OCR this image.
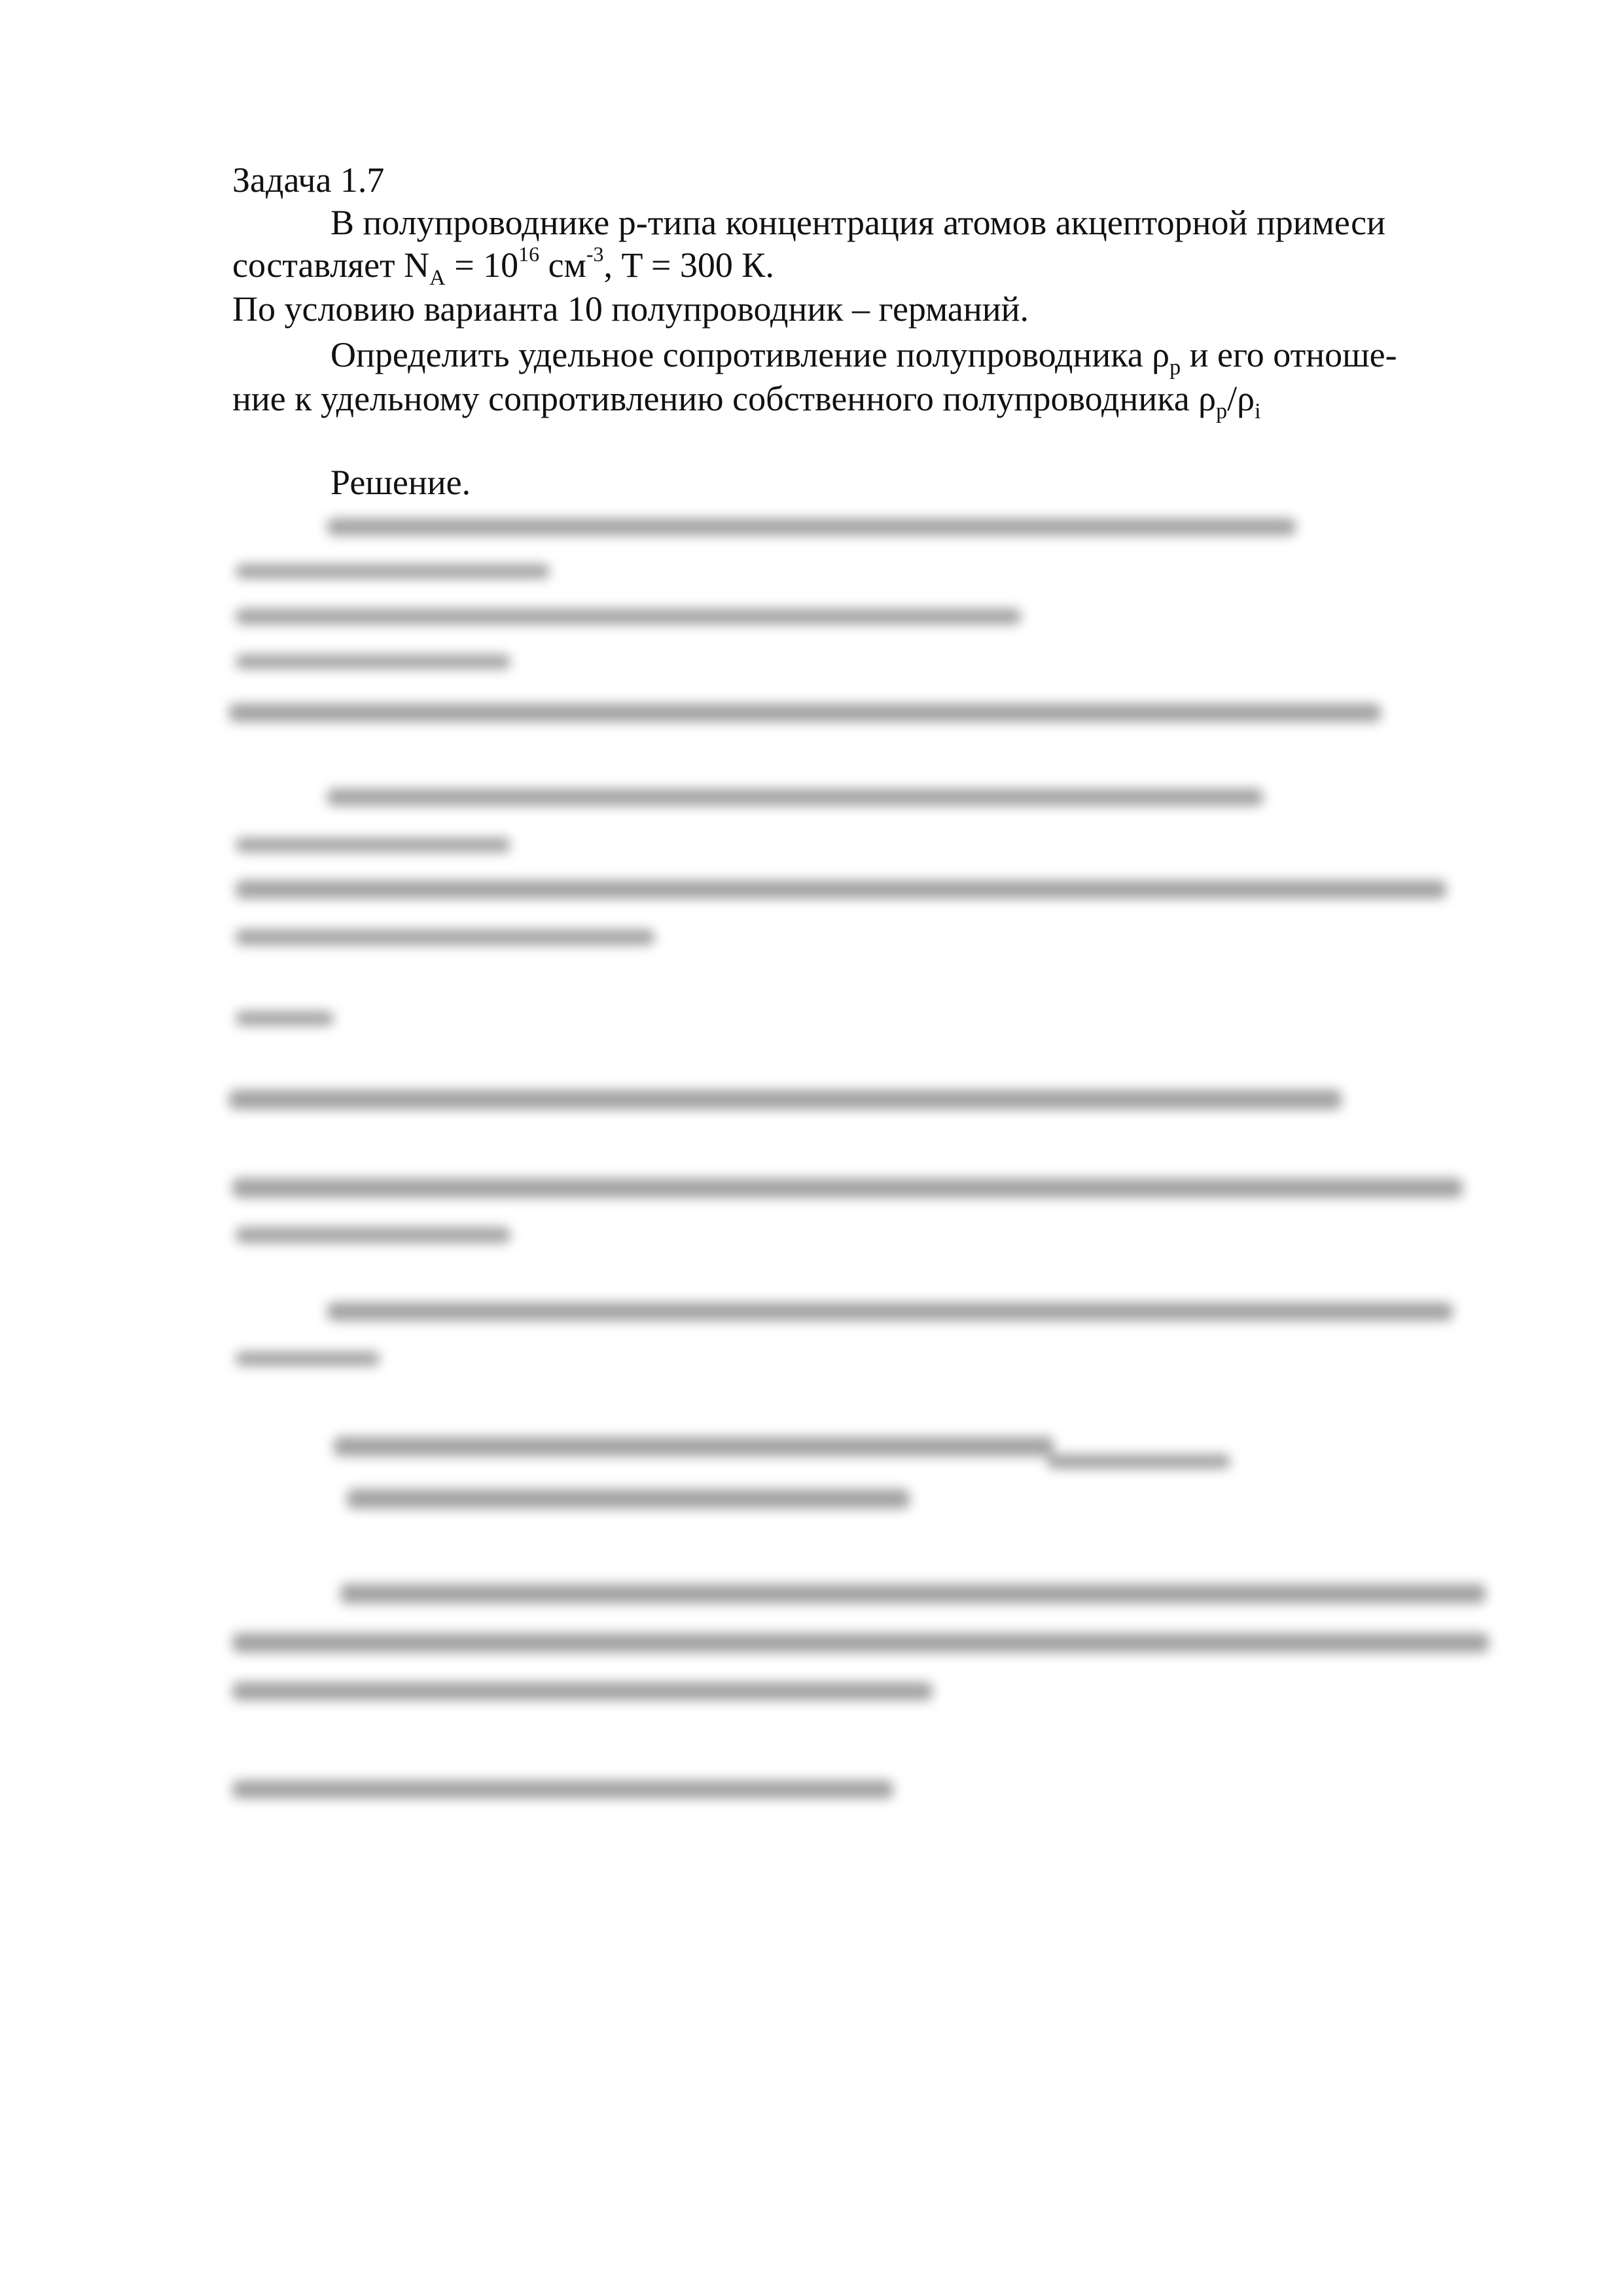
Задача 1.7
В полупроводнике p-типа концентрация атомов акцепторной примеси
составляет $N_A = 10^{16}$ $см^{-3}$, T = 300 К.
По условию варианта 10 полупроводник – германий.
Определить удельное сопротивление полупроводника $\rho_p$ и его отноше-
ние к удельному сопротивлению собственного полупроводника $\rho_p/\rho_i$
Решение.
